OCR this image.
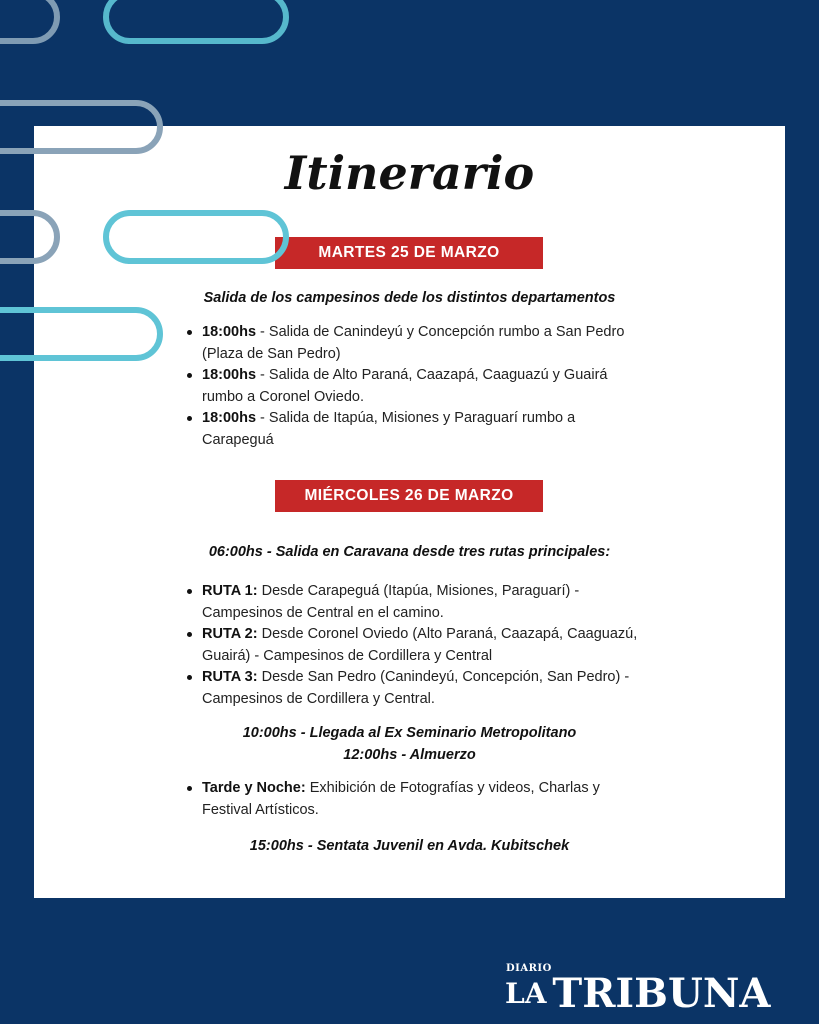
Itinerario
MARTES 25 DE MARZO
Salida de los campesinos dede los distintos departamentos
18:00hs - Salida de Canindeyú y Concepción rumbo a San Pedro (Plaza de San Pedro)
18:00hs - Salida de Alto Paraná, Caazapá, Caaguazú y Guairá rumbo a Coronel Oviedo.
18:00hs - Salida de Itapúa, Misiones y Paraguarí rumbo a Carapeguá
MIÉRCOLES 26 DE MARZO
06:00hs - Salida en Caravana desde tres rutas principales:
RUTA 1: Desde Carapeguá (Itapúa, Misiones, Paraguarí) - Campesinos de Central en el camino.
RUTA 2: Desde Coronel Oviedo (Alto Paraná, Caazapá, Caaguazú, Guairá) - Campesinos de Cordillera y Central
RUTA 3: Desde San Pedro (Canindeyú, Concepción, San Pedro) - Campesinos de Cordillera y Central.
10:00hs - Llegada al Ex Seminario Metropolitano
12:00hs - Almuerzo
Tarde y Noche: Exhibición de Fotografías y videos, Charlas y Festival Artísticos.
15:00hs - Sentata Juvenil en Avda. Kubitschek
DIARIO
LA TRIBUNA
